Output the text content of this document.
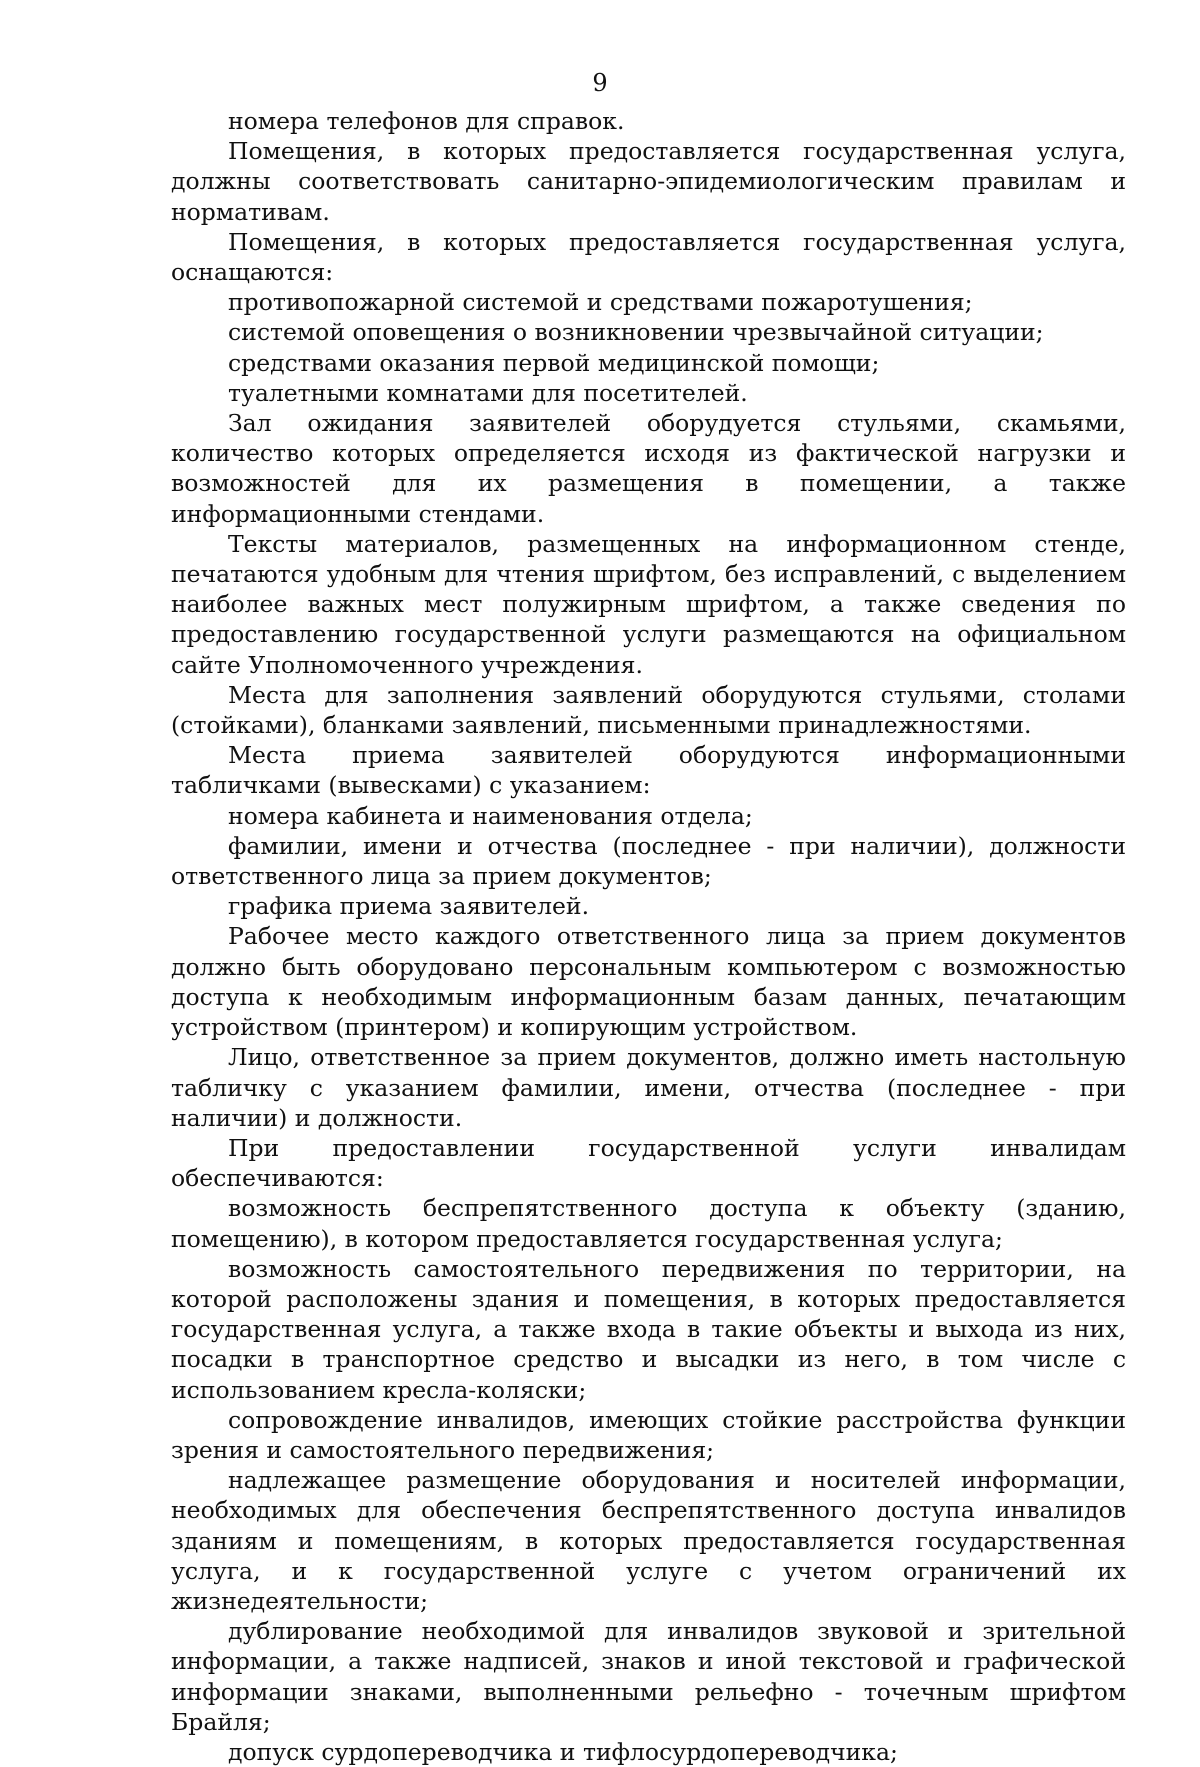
9

номера телефонов для справок.

Помещения, в которых предоставляется государственная услуга, должны соответствовать санитарно-эпидемиологическим правилам и нормативам.

Помещения, в которых предоставляется государственная услуга, оснащаются:

противопожарной системой и средствами пожаротушения;

системой оповещения о возникновении чрезвычайной ситуации;

средствами оказания первой медицинской помощи;

туалетными комнатами для посетителей.

Зал ожидания заявителей оборудуется стульями, скамьями, количество которых определяется исходя из фактической нагрузки и возможностей для их размещения в помещении, а также информационными стендами.

Тексты материалов, размещенных на информационном стенде, печатаются удобным для чтения шрифтом, без исправлений, с выделением наиболее важных мест полужирным шрифтом, а также сведения по предоставлению государственной услуги размещаются на официальном сайте Уполномоченного учреждения.

Места для заполнения заявлений оборудуются стульями, столами (стойками), бланками заявлений, письменными принадлежностями.

Места приема заявителей оборудуются информационными табличками (вывесками) с указанием:

номера кабинета и наименования отдела;

фамилии, имени и отчества (последнее - при наличии), должности ответственного лица за прием документов;

графика приема заявителей.

Рабочее место каждого ответственного лица за прием документов должно быть оборудовано персональным компьютером с возможностью доступа к необходимым информационным базам данных, печатающим устройством (принтером) и копирующим устройством.

Лицо, ответственное за прием документов, должно иметь настольную табличку с указанием фамилии, имени, отчества (последнее - при наличии) и должности.

При предоставлении государственной услуги инвалидам обеспечиваются:

возможность беспрепятственного доступа к объекту (зданию, помещению), в котором предоставляется государственная услуга;

возможность самостоятельного передвижения по территории, на которой расположены здания и помещения, в которых предоставляется государственная услуга, а также входа в такие объекты и выхода из них, посадки в транспортное средство и высадки из него, в том числе с использованием кресла-коляски;

сопровождение инвалидов, имеющих стойкие расстройства функции зрения и самостоятельного передвижения;

надлежащее размещение оборудования и носителей информации, необходимых для обеспечения беспрепятственного доступа инвалидов зданиям и помещениям, в которых предоставляется государственная услуга, и к государственной услуге с учетом ограничений их жизнедеятельности;

дублирование необходимой для инвалидов звуковой и зрительной информации, а также надписей, знаков и иной текстовой и графической информации знаками, выполненными рельефно - точечным шрифтом Брайля;

допуск сурдопереводчика и тифлосурдопереводчика;
